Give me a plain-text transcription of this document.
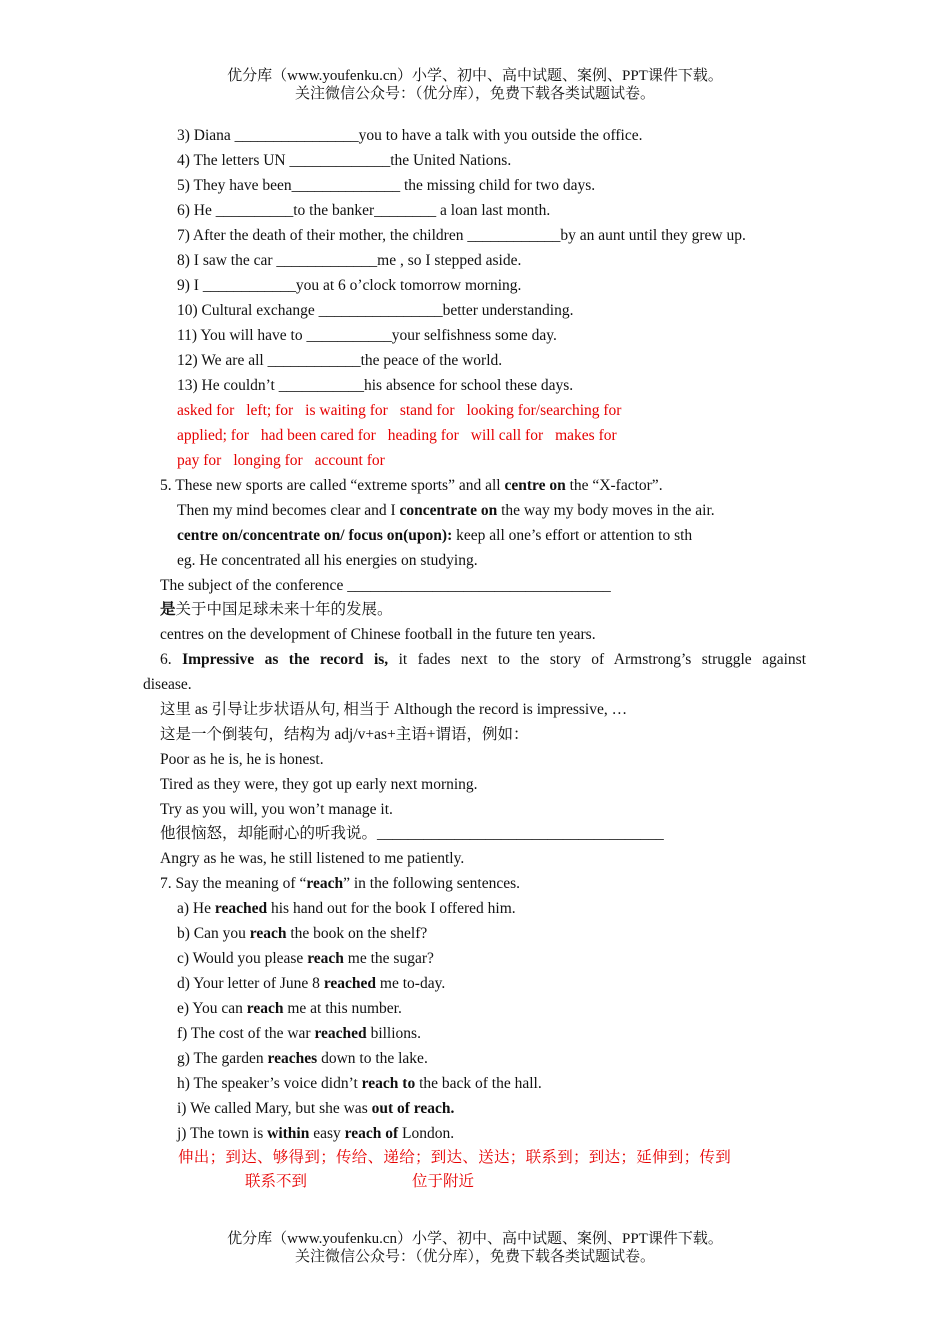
优分库（www.youfenku.cn）小学、初中、高中试题、案例、PPT课件下载。
关注微信公众号：（优分库），免费下载各类试题试卷。
3) Diana ________________you to have a talk with you outside the office.
4) The letters UN _____________the United Nations.
5) They have been______________ the missing child for two days.
6) He __________to the banker________ a loan last month.
7) After the death of their mother, the children ____________by an aunt until they grew up.
8) I saw the car _____________me , so I stepped aside.
9) I ____________you at 6 o’clock tomorrow morning.
10) Cultural exchange ________________better understanding.
11) You will have to ___________your selfishness some day.
12) We are all ____________the peace of the world.
13) He couldn’t ___________his absence for school these days.
asked for left; for is waiting for stand for looking for/searching for
applied; for had been cared for heading for will call for makes for
pay for longing for account for
5. These new sports are called “extreme sports” and all centre on the “X-factor”.
Then my mind becomes clear and I concentrate on the way my body moves in the air.
centre on/concentrate on/ focus on(upon): keep all one’s effort or attention to sth
eg. He concentrated all his energies on studying.
The subject of the conference __________________________________
是关于中国足球未来十年的发展。
centres on the development of Chinese football in the future ten years.
6. Impressive as the record is, it fades next to the story of Armstrong’s struggle against
disease.
这里 as 引导让步状语从句, 相当于 Although the record is impressive, …
这是一个倒装句，结构为 adj/v+as+主语+谓语，例如：
Poor as he is, he is honest.
Tired as they were, they got up early next morning.
Try as you will, you won’t manage it.
他很恼怒，却能耐心的听我说。_____________________________________
Angry as he was, he still listened to me patiently.
7. Say the meaning of “reach” in the following sentences.
a) He reached his hand out for the book I offered him.
b) Can you reach the book on the shelf?
c) Would you please reach me the sugar?
d) Your letter of June 8 reached me to-day.
e) You can reach me at this number.
f) The cost of the war reached billions.
g) The garden reaches down to the lake.
h) The speaker’s voice didn’t reach to the back of the hall.
i) We called Mary, but she was out of reach.
j) The town is within easy reach of London.
伸出；到达、够得到；传给、递给；到达、送达；联系到；到达；延伸到；传到
联系不到	位于附近
优分库（www.youfenku.cn）小学、初中、高中试题、案例、PPT课件下载。
关注微信公众号：（优分库），免费下载各类试题试卷。
